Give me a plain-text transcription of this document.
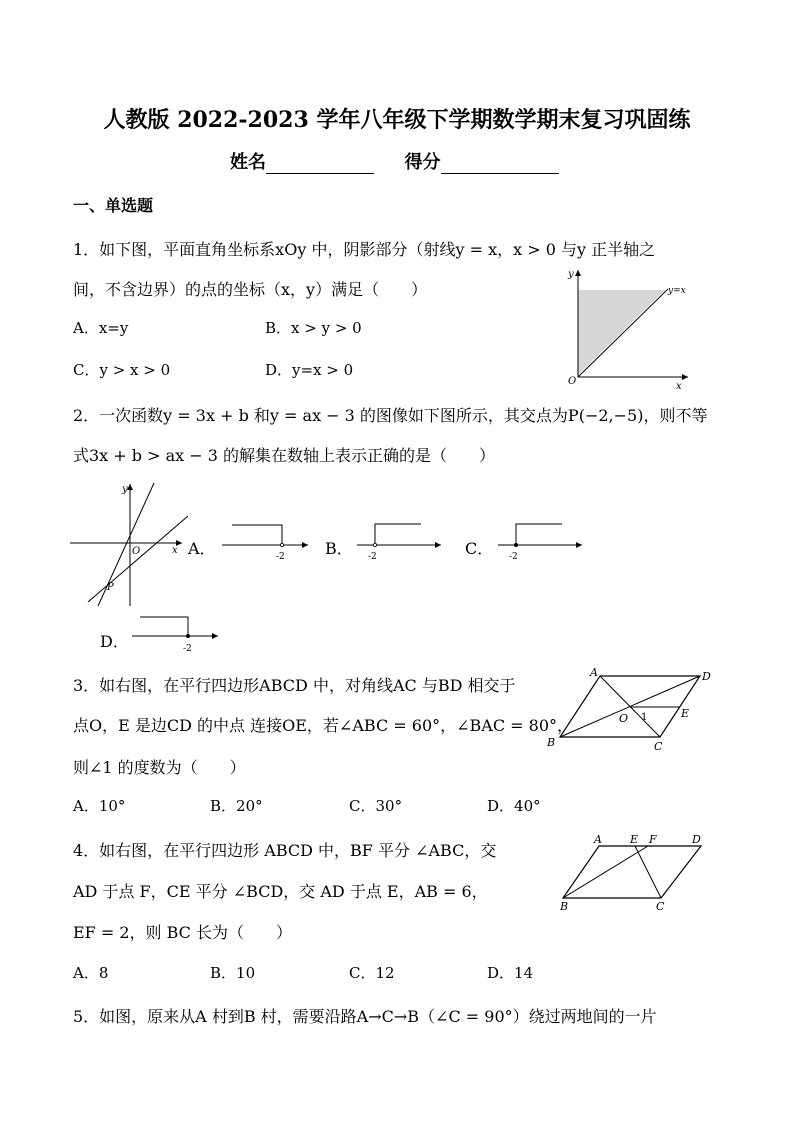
人教版 2022-2023 学年八年级下学期数学期末复习巩固练
姓名	得分
一、单选题
1．如下图，平面直角坐标系xOy 中，阴影部分（射线y = x，x > 0 与y 正半轴之
间，不含边界）的点的坐标（x，y）满足（　　）
A．x=y	B．x > y > 0
C．y > x > 0	D．y=x > 0
y
x
O
y=x
2．一次函数y = 3x + b 和y = ax − 3 的图像如下图所示，其交点为P(−2,−5)，则不等
式3x + b > ax − 3 的解集在数轴上表示正确的是（　　）
y
x
O
P
A．	-2	B． -2	C． -2
D．	-2
3．如右图，在平行四边形ABCD 中，对角线AC 与BD 相交于
点O，E 是边CD 的中点 连接OE，若∠ABC = 60°，∠BAC = 80°，
则∠1 的度数为（　　）
A．10°	B．20°	C．30°	D．40°
A	D
B	C
O	E
1
4．如右图，在平行四边形 ABCD 中，BF 平分 ∠ABC，交
AD 于点 F，CE 平分 ∠BCD，交 AD 于点 E，AB = 6，
EF = 2，则 BC 长为（　　）
A．8	B．10	C．12	D．14
A	E F	D
B	C
5．如图，原来从A 村到B 村，需要沿路A→C→B（∠C = 90°）绕过两地间的一片
